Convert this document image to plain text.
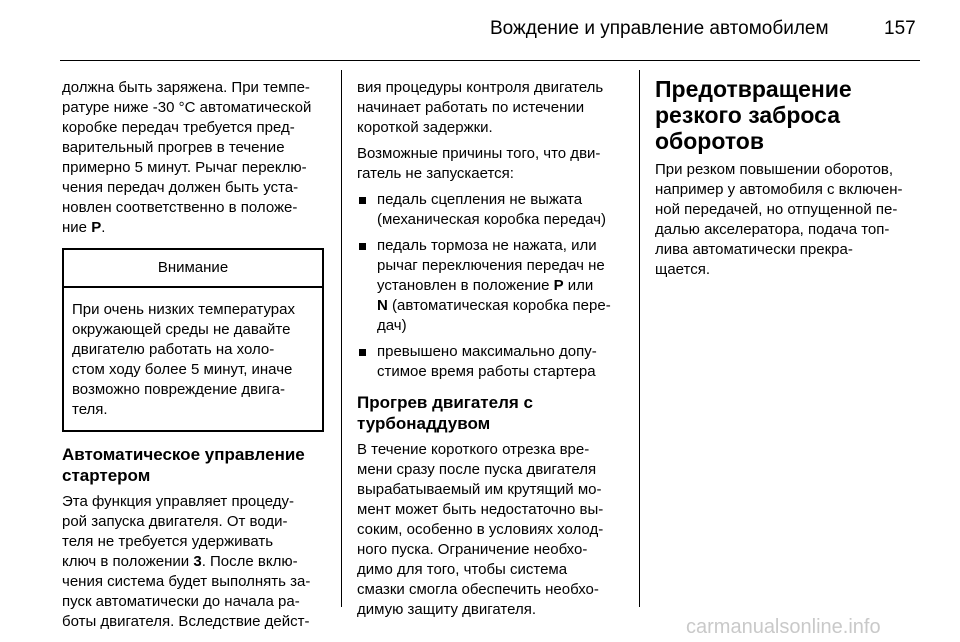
Вождение и управление автомобилем	157

должна быть заряжена. При темпе-
ратуре ниже -30 °C автоматической
коробке передач требуется пред-
варительный прогрев в течение
примерно 5 минут. Рычаг переклю-
чения передач должен быть уста-
новлен соответственно в положе-
ние P.

Внимание
При очень низких температурах
окружающей среды не давайте
двигателю работать на холо-
стом ходу более 5 минут, иначе
возможно повреждение двига-
теля.

Автоматическое управление
стартером

Эта функция управляет процеду-
рой запуска двигателя. От води-
теля не требуется удерживать
ключ в положении 3. После вклю-
чения система будет выполнять за-
пуск автоматически до начала ра-
боты двигателя. Вследствие дейст-

вия процедуры контроля двигатель
начинает работать по истечении
короткой задержки.

Возможные причины того, что дви-
гатель не запускается:

педаль сцепления не выжата
(механическая коробка передач)
педаль тормоза не нажата, или
рычаг переключения передач не
установлен в положение P или
N (автоматическая коробка пере-
дач)
превышено максимально допу-
стимое время работы стартера

Прогрев двигателя с
турбонаддувом

В течение короткого отрезка вре-
мени сразу после пуска двигателя
вырабатываемый им крутящий мо-
мент может быть недостаточно вы-
соким, особенно в условиях холод-
ного пуска. Ограничение необхо-
димо для того, чтобы система
смазки смогла обеспечить необхо-
димую защиту двигателя.

Предотвращение
резкого заброса
оборотов

При резком повышении оборотов,
например у автомобиля с включен-
ной передачей, но отпущенной пе-
далью акселератора, подача топ-
лива автоматически прекра-
щается.

carmanualsonline.info
